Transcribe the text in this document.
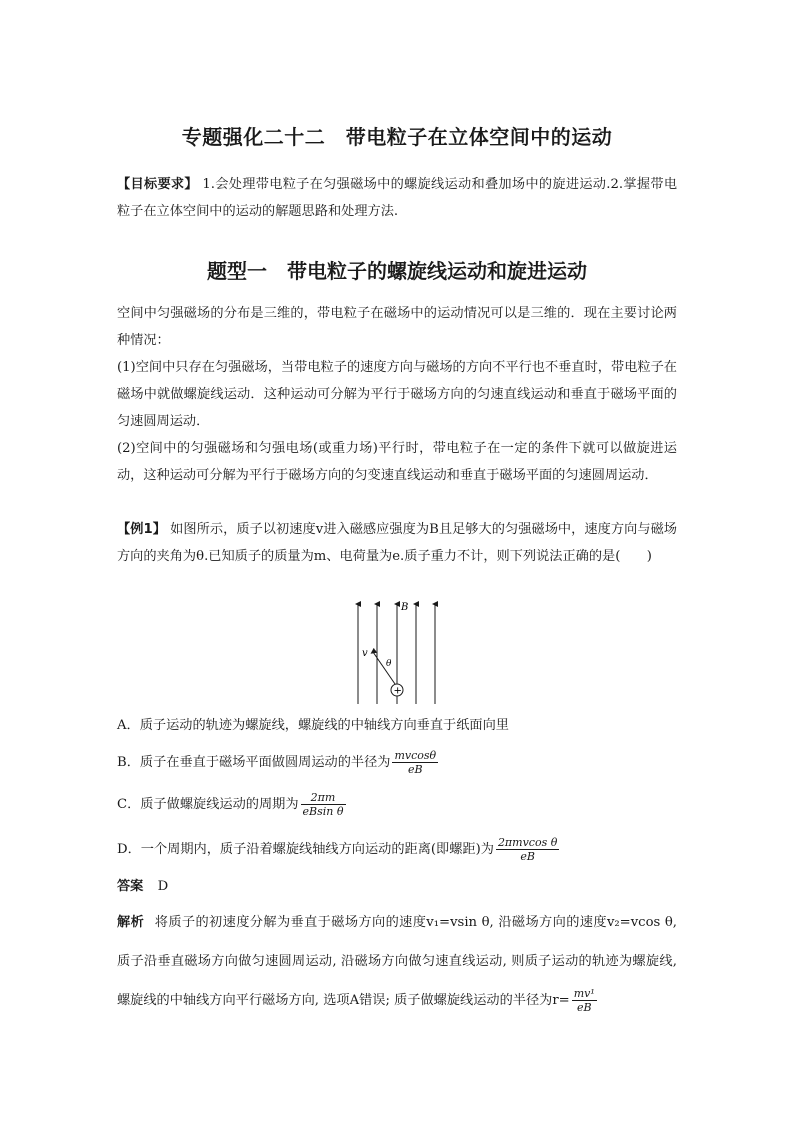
专题强化二十二　带电粒子在立体空间中的运动
【目标要求】 1.会处理带电粒子在匀强磁场中的螺旋线运动和叠加场中的旋进运动.2.掌握带电粒子在立体空间中的运动的解题思路和处理方法.
题型一　带电粒子的螺旋线运动和旋进运动
空间中匀强磁场的分布是三维的，带电粒子在磁场中的运动情况可以是三维的．现在主要讨论两种情况：
(1)空间中只存在匀强磁场，当带电粒子的速度方向与磁场的方向不平行也不垂直时，带电粒子在磁场中就做螺旋线运动．这种运动可分解为平行于磁场方向的匀速直线运动和垂直于磁场平面的匀速圆周运动．
(2)空间中的匀强磁场和匀强电场(或重力场)平行时，带电粒子在一定的条件下就可以做旋进运动，这种运动可分解为平行于磁场方向的匀变速直线运动和垂直于磁场平面的匀速圆周运动．
【例1】 如图所示，质子以初速度v进入磁感应强度为B且足够大的匀强磁场中，速度方向与磁场方向的夹角为θ.已知质子的质量为m、电荷量为e.质子重力不计，则下列说法正确的是(　　)
B
v
θ
+
A．质子运动的轨迹为螺旋线，螺旋线的中轴线方向垂直于纸面向里
B．质子在垂直于磁场平面做圆周运动的半径为 $\frac{mvcos\theta}{eB}$
C．质子做螺旋线运动的周期为 $\frac{2\pi m}{\text{eBsin θ}}$
D．一个周期内，质子沿着螺旋线轴线方向运动的距离(即螺距)为 $\frac{\text{2πmvcos θ}}{eB}$
答案 D
解析 将质子的初速度分解为垂直于磁场方向的速度v₁=vsin θ, 沿磁场方向的速度v₂=vcos θ, 质子沿垂直磁场方向做匀速圆周运动, 沿磁场方向做匀速直线运动, 则质子运动的轨迹为螺旋线, 螺旋线的中轴线方向平行磁场方向, 选项A错误; 质子做螺旋线运动的半径为$r= \frac{\text{mv¹}}{eB}$
